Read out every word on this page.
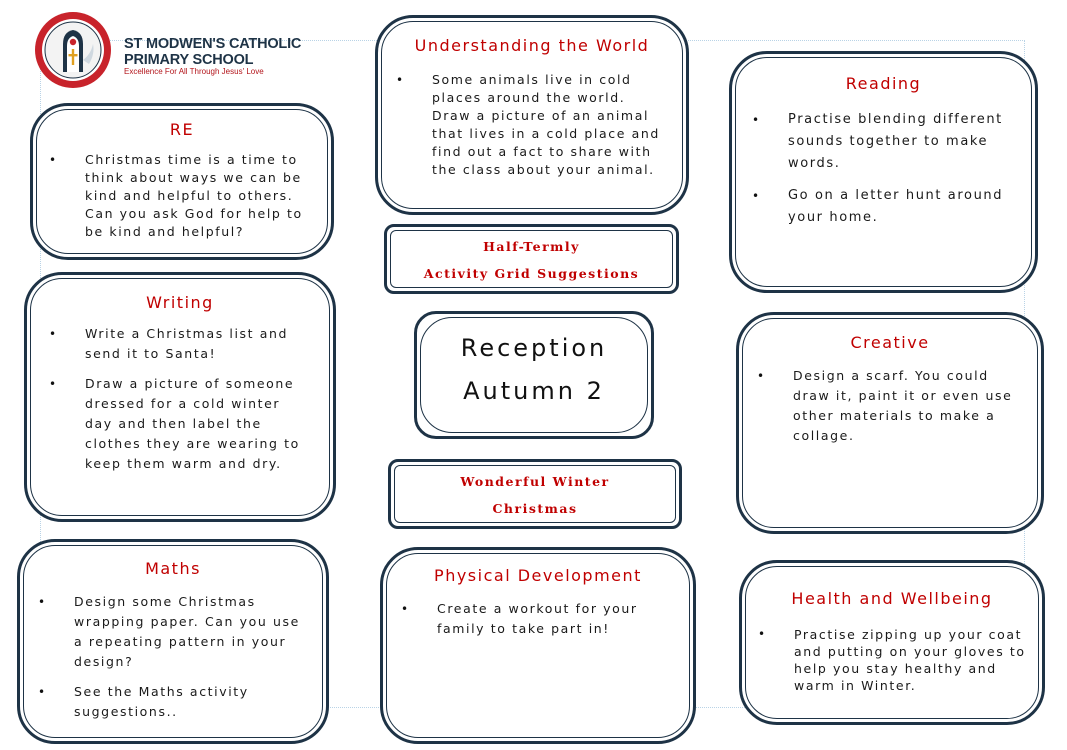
ST MODWEN'S CATHOLIC
PRIMARY SCHOOL
Excellence For All Through Jesus' Love
RE
• Christmas time is a time to think about ways we can be kind and helpful to others. Can you ask God for help to be kind and helpful?
Understanding the World
• Some animals live in cold places around the world. Draw a picture of an animal that lives in a cold place and find out a fact to share with the class about your animal.
Reading
• Practise blending different sounds together to make words.
• Go on a letter hunt around your home.
Half-Termly
Activity Grid Suggestions
Writing
• Write a Christmas list and send it to Santa!
• Draw a picture of someone dressed for a cold winter day and then label the clothes they are wearing to keep them warm and dry.
Reception
Autumn 2
Creative
• Design a scarf. You could draw it, paint it or even use other materials to make a collage.
Wonderful Winter
Christmas
Maths
• Design some Christmas wrapping paper. Can you use a repeating pattern in your design?
• See the Maths activity suggestions..
Physical Development
• Create a workout for your family to take part in!
Health and Wellbeing
• Practise zipping up your coat and putting on your gloves to help you stay healthy and warm in Winter.
